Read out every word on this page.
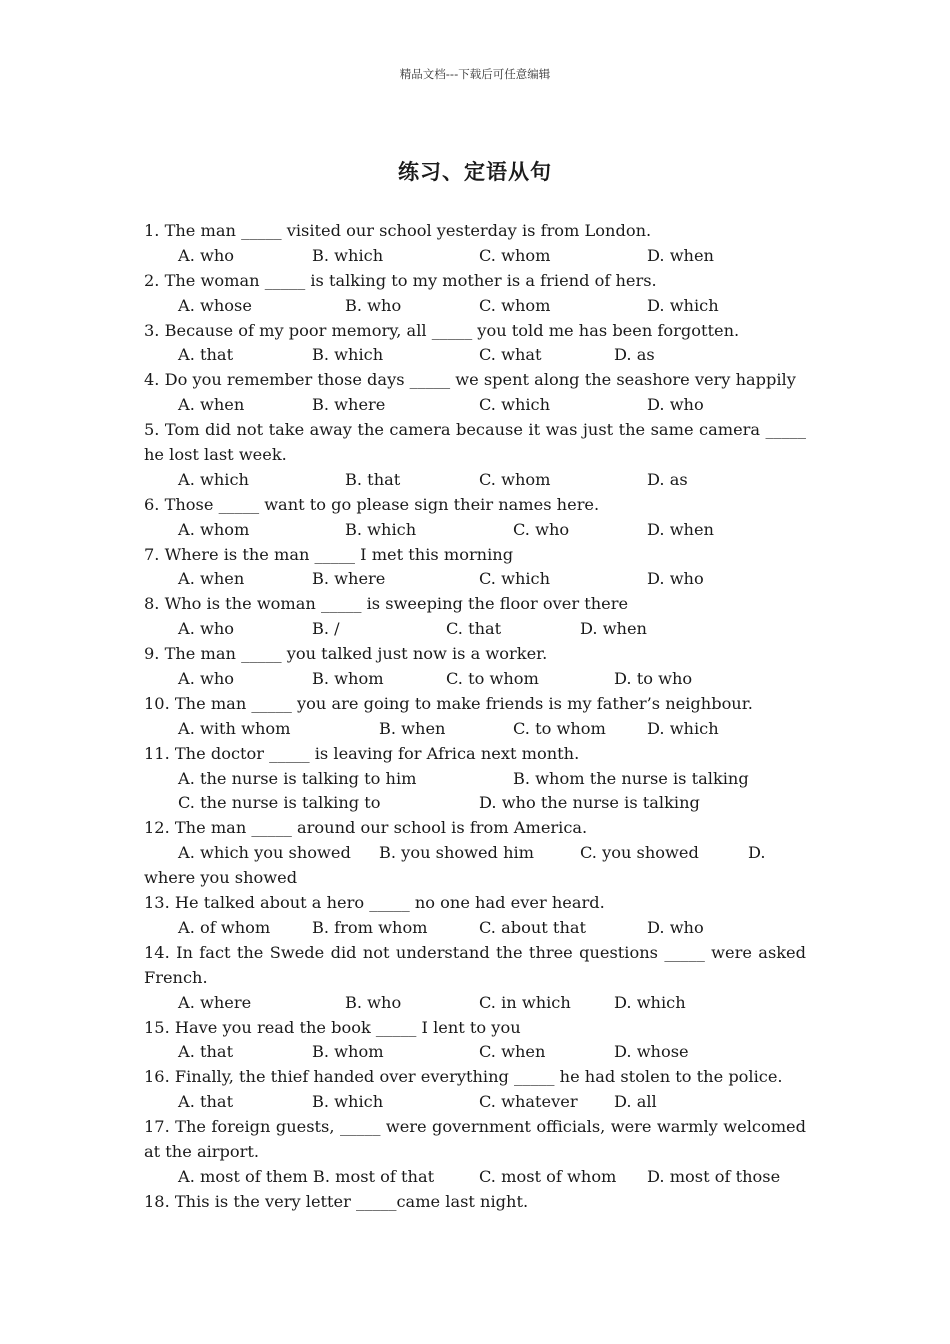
精品文档---下载后可任意编辑
练习、定语从句
1. The man _____ visited our school yesterday is from London.
A. who	B. which	C. whom	D. when
2. The woman _____ is talking to my mother is a friend of hers.
A. whose	B. who	C. whom	D. which
3. Because of my poor memory, all _____ you told me has been forgotten.
A. that	B. which	C. what	D. as
4. Do you remember those days _____ we spent along the seashore very happily
A. when	B. where	C. which	D. who
5. Tom did not take away the camera because it was just the same camera _____
he lost last week.
A. which	B. that	C. whom	D. as
6. Those _____ want to go please sign their names here.
A. whom	B. which	C. who	D. when
7. Where is the man _____ I met this morning
A. when	B. where	C. which	D. who
8. Who is the woman _____ is sweeping the floor over there
A. who	B. /	C. that	D. when
9. The man _____ you talked just now is a worker.
A. who	B. whom	C. to whom	D. to who
10. The man _____ you are going to make friends is my father’s neighbour.
A. with whom	B. when	C. to whom	D. which
11. The doctor _____ is leaving for Africa next month.
A. the nurse is talking to him	B. whom the nurse is talking
C. the nurse is talking to	D. who the nurse is talking
12. The man _____ around our school is from America.
A. which you showed B. you showed him	C. you showed	D.
where you showed
13. He talked about a hero _____ no one had ever heard.
A. of whom	B. from whom	C. about that	D. who
14. In fact the Swede did not understand the three questions _____ were asked
French.
A. where	B. who	C. in which	D. which
15. Have you read the book _____ I lent to you
A. that	B. whom	C. when	D. whose
16. Finally, the thief handed over everything _____ he had stolen to the police.
A. that	B. which	C. whatever D. all
17. The foreign guests, _____ were government officials, were warmly welcomed
at the airport.
A. most of them B. most of that	C. most of whom D. most of those
18. This is the very letter _____came last night.
